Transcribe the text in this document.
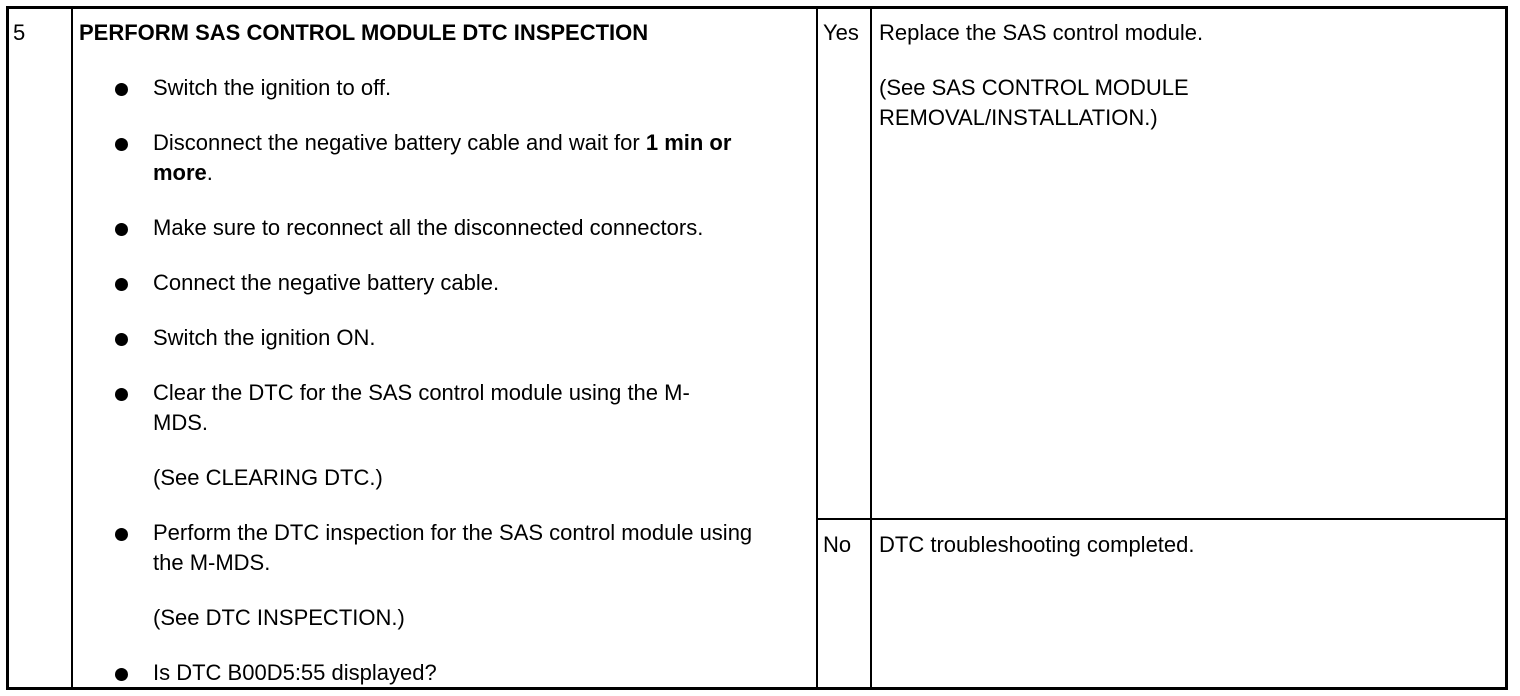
5 PERFORM SAS CONTROL MODULE DTC INSPECTION
Switch the ignition to off.
Disconnect the negative battery cable and wait for 1 min or more.
Make sure to reconnect all the disconnected connectors.
Connect the negative battery cable.
Switch the ignition ON.
Clear the DTC for the SAS control module using the M-MDS.
(See CLEARING DTC.)
Perform the DTC inspection for the SAS control module using the M-MDS.
(See DTC INSPECTION.)
Is DTC B00D5:55 displayed?
Yes
No
Replace the SAS control module.
(See SAS CONTROL MODULE
REMOVAL/INSTALLATION.)
DTC troubleshooting completed.
